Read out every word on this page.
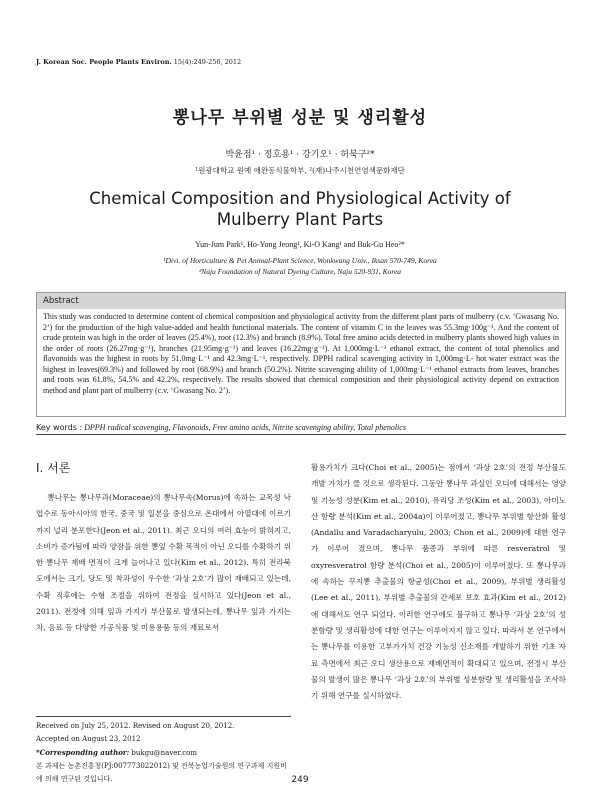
J. Korean Soc. People Plants Environ. 15(4):249-256, 2012
뽕나무 부위별 성분 및 생리활성
박윤점¹ · 정호용¹ · 강기오¹ · 허북구²*
¹원광대학교 원예 애완동식물학부, ²(재)나주시천연염색문화재단
Chemical Composition and Physiological Activity of
Mulberry Plant Parts
Yun-Jum Park¹, Ho-Yong Jeong¹, Ki-O Kang¹ and Buk-Gu Heo²*
¹Divi. of Horticulture & Pet Animal-Plant Science, Wonkwang Univ., Iksan 570-749, Korea
²Naju Foundation of Natural Dyeing Culture, Naju 520-931, Korea
Abstract
This study was conducted to determine content of chemical composition and physiological activity from the different plant parts of mulberry (c.v. ‘Gwasang No. 2’) for the production of the high value-added and health functional materials. The content of vitamin C in the leaves was 55.3mg·100g⁻¹. And the content of crude protein was high in the order of leaves (25.4%), root (12.3%) and branch (8.9%). Total free amino acids detected in mulberry plants showed high values in the order of roots (26.27mg·g⁻¹), branches (21.95mg·g⁻¹) and leaves (16.22mg·g⁻¹). At 1,000mg·L⁻¹ ethanol extract, the content of total phenolics and flavonoids was the highest in roots by 51.0mg·L⁻¹ and 42.3mg·L⁻¹, respectively. DPPH radical scavenging activity in 1,000mg·L- hot water extract was the highest in leaves(69.3%) and followed by root (68.9%) and branch (50.2%). Nitrite scavenging ability of 1,000mg·L⁻¹ ethanol extracts from leaves, branches and roots was 61.8%, 54.5% and 42.2%, respectively. The results showed that chemical composition and their physiological activity depend on extraction method and plant part of mulberry (c.v. ‘Gwasang No. 2’).
Key words : DPPH radical scavenging, Flavonoids, Free amino acids, Nitrite scavenging ability, Total phenolics
Ⅰ. 서론

뽕나무는 뽕나무과(Moraceae)의 뽕나무속(Morus)에 속하는 교목성 낙엽수로 동아시아의 한국, 중국 및 일본을 중심으로 온대에서 아열대에 이르기까지 널리 분포한다(Jeon et al., 2011). 최근 오디의 여러 효능이 밝혀지고, 소비가 증가됨에 따라 양잠을 위한 뽕잎 수확 목적이 아닌 오디를 수확하기 위한 뽕나무 재배 면적이 크게 늘어나고 있다(Kim et al., 2012). 특히 전라북도에서는 크기, 당도 및 착과성이 우수한 ‘과상 2호’가 많이 재배되고 있는데, 수확 직후에는 수형 조절을 위하여 전정을 실시하고 있다(Jeon et al., 2011). 전정에 의해 잎과 가지가 부산물로 발생되는데, 뽕나무 잎과 가지는 차, 음료 등 다양한 가공식품 및 미용용품 등의 재료로서

활용가치가 크다(Choi et al., 2005)는 점에서 ‘과상 2호’의 전정 부산물도 개발 가치가 클 것으로 생각된다. 그동안 뽕나무 과실인 오디에 대해서는 영양 및 기능성 성분(Kim et al., 2010), 유리당 조성(Kim et al., 2003), 아미노산 함량 분석(Kim et al., 2004a)이 이루어졌고, 뽕나무 부위별 항산화 활성(Andallu and Varadacharyulu, 2003; Chon et al., 2009)에 대한 연구가 이루어 졌으며, 뽕나무 품종과 부위에 따른 resveratrol 및 oxyresveratrol 함량 분석(Choi et al., 2005)이 이루어졌다. 또 뽕나무과에 속하는 꾸지뽕 추출물의 항균성(Choi et al., 2009), 부위별 생리활성(Lee et al., 2011), 부위별 추출물의 간세포 보호 효과(Kim et al., 2012)에 대해서도 연구 되었다. 이러한 연구에도 불구하고 뽕나무 ‘과상 2호’의 성분함량 및 생리활성에 대한 연구는 이루어지지 않고 있다. 따라서 본 연구에서는 뽕나무를 이용한 고부가가치 건강 기능성 신소재를 개발하기 위한 기초 자료 측면에서 최근 오디 생산용으로 재배면적이 확대되고 있으며, 전정시 부산물의 발생이 많은 뽕나무 ‘과상 2호’의 부위별 성분함량 및 생리활성을 조사하기 위해 연구를 실시하였다.

Received on July 25, 2012. Revised on August 20, 2012.
Accepted on August 23, 2012
*Corresponding author: bukgu@naver.com
본 과제는 농촌진흥청(PJ:007773022012) 및 전북농업기술원의 연구과제 지원비에 의해 연구된 것입니다.	249
